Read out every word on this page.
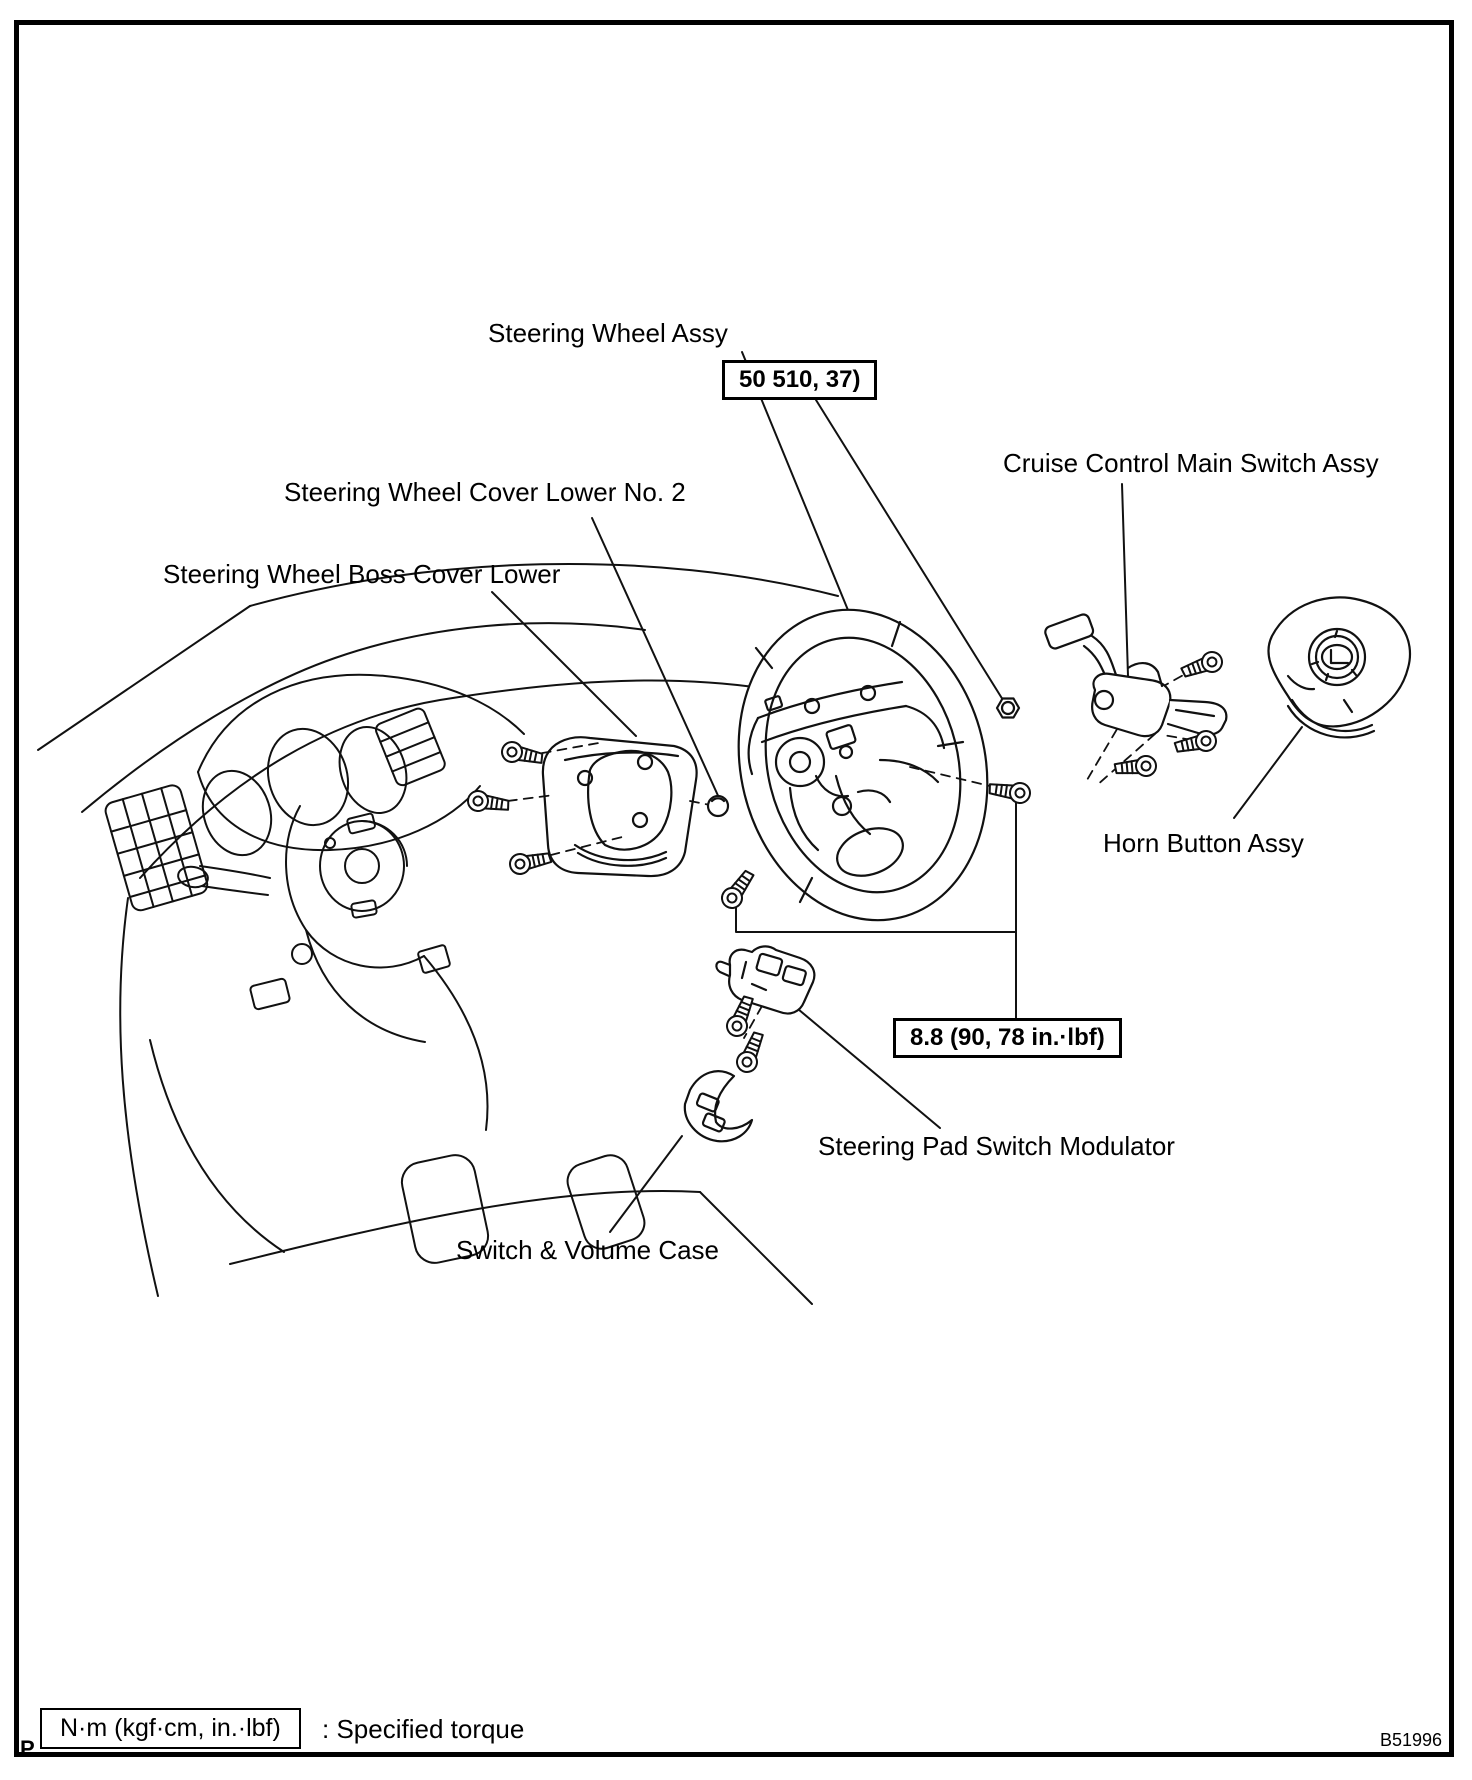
Steering Wheel Assy
50 510, 37)
Cruise Control Main Switch Assy
Steering Wheel Cover Lower No. 2
Steering Wheel Boss Cover Lower
Horn Button Assy
8.8 (90, 78 in.·lbf)
Steering Pad Switch Modulator
Switch & Volume Case
N·m (kgf·cm, in.·lbf)	: Specified torque
P	B51996
